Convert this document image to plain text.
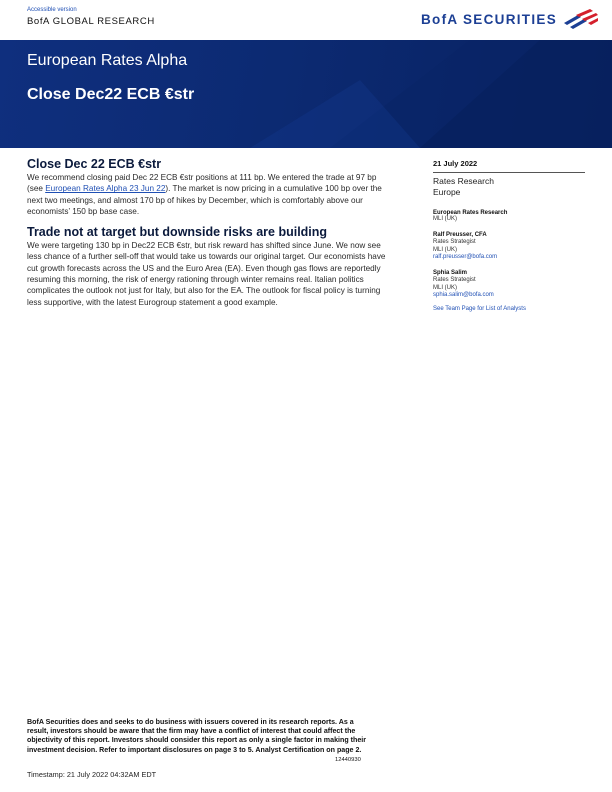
Accessible version
BofA GLOBAL RESEARCH	BofA SECURITIES
European Rates Alpha
Close Dec22 ECB €str
Close Dec 22 ECB €str

We recommend closing paid Dec 22 ECB €str positions at 111 bp. We entered the trade at 97 bp (see European Rates Alpha 23 Jun 22). The market is now pricing in a cumulative 100 bp over the next two meetings, and almost 170 bp of hikes by December, which is comfortably above our economists’ 150 bp base case.

Trade not at target but downside risks are building

We were targeting 130 bp in Dec22 ECB €str, but risk reward has shifted since June. We now see less chance of a further sell-off that would take us towards our original target. Our economists have cut growth forecasts across the US and the Euro Area (EA). Even though gas flows are reportedly resuming this morning, the risk of energy rationing through winter remains real. Italian politics complicates the outlook not just for Italy, but also for the EA. The outlook for fiscal policy is turning less supportive, with the latest Eurogroup statement a good example.

21 July 2022
Rates Research
Europe
European Rates Research
MLI (UK)
Ralf Preusser, CFA
Rates Strategist
MLI (UK)
ralf.preusser@bofa.com
Sphia Salim
Rates Strategist
MLI (UK)
sphia.salim@bofa.com
See Team Page for List of Analysts
BofA Securities does and seeks to do business with issuers covered in its research reports. As a result, investors should be aware that the firm may have a conflict of interest that could affect the objectivity of this report. Investors should consider this report as only a single factor in making their investment decision. Refer to important disclosures on page 3 to 5. Analyst Certification on page 2.
12440930
Timestamp: 21 July 2022 04:32AM EDT
